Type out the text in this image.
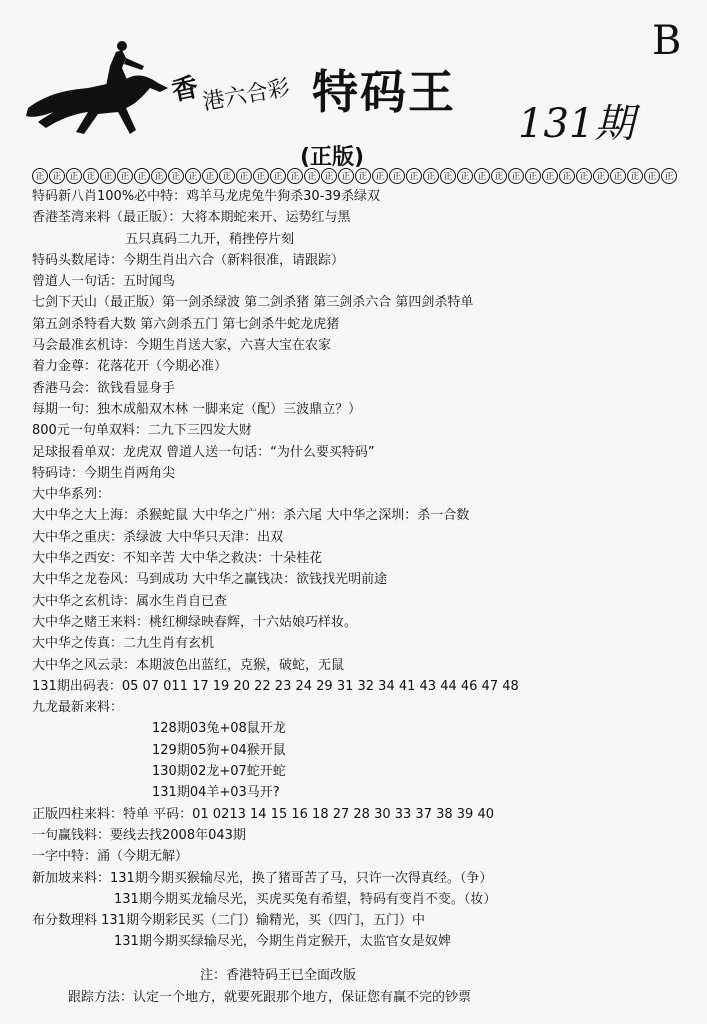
B
香 港六合彩 特码王
131期
(正版)
正 正 正 正 正 正 正 正 正 正 正 正 正 正 正 正 正 正 正 正 正 正 正 正 正 正 正 正 正 正 正 正 正 正 正 正 正 正
特码新八肖100%必中特：鸡羊马龙虎兔牛狗杀30-39杀绿双
香港荃湾来料（最正版）：大将本期蛇来开、运势红与黑
五只真码二九开，稍挫停片刻
特码头数尾诗：今期生肖出六合（新料很准，请跟踪）
曾道人一句话：五时闻鸟
七剑下天山（最正版）第一剑杀绿波 第二剑杀猪 第三剑杀六合 第四剑杀特单
第五剑杀特看大数 第六剑杀五门 第七剑杀牛蛇龙虎猪
马会最准玄机诗：今期生肖送大家，六喜大宝在农家
着力金尊：花落花开（今期必准）
香港马会：欲钱看显身手
每期一句：独木成船双木林 一脚来定（配）三波鼎立？）
800元一句单双料：二九下三四发大财
足球报看单双：龙虎双 曾道人送一句话：“为什么要买特码”
特码诗：今期生肖两角尖
大中华系列：
大中华之大上海：杀猴蛇鼠 大中华之广州：杀六尾 大中华之深圳：杀一合数
大中华之重庆：杀绿波 大中华只天津：出双
大中华之西安：不知辛苦 大中华之救决：十朵桂花
大中华之龙卷风：马到成功 大中华之赢钱决：欲钱找光明前途
大中华之玄机诗：属水生肖自已查
大中华之赌王来料：桃红柳绿映春辉，十六姑娘巧样妆。
大中华之传真：二九生肖有玄机
大中华之风云录：本期波色出蓝红，克猴，破蛇，无鼠
131期出码表：05 07 011 17 19 20 22 23 24 29 31 32 34 41 43 44 46 47 48
九龙最新来料：
128期03兔+08鼠开龙
129期05狗+04猴开鼠
130期02龙+07蛇开蛇
131期04羊+03马开?
正版四柱来料：特单 平码：01 0213 14 15 16 18 27 28 30 33 37 38 39 40
一句赢钱料：要线去找2008年043期
一字中特：涌（今期无解）
新加坡来料：131期今期买猴输尽光，换了猪哥苦了马，只许一次得真经。（争）
131期今期买龙输尽光，买虎买兔有希望，特码有变肖不变。（妆）
布分数理料 131期今期彩民买（二门）输精光，买（四门，五门）中
131期今期买绿输尽光，今期生肖定猴开，太监官女是奴婢
注：香港特码王已全面改版
跟踪方法：认定一个地方，就要死跟那个地方，保证您有赢不完的钞票
